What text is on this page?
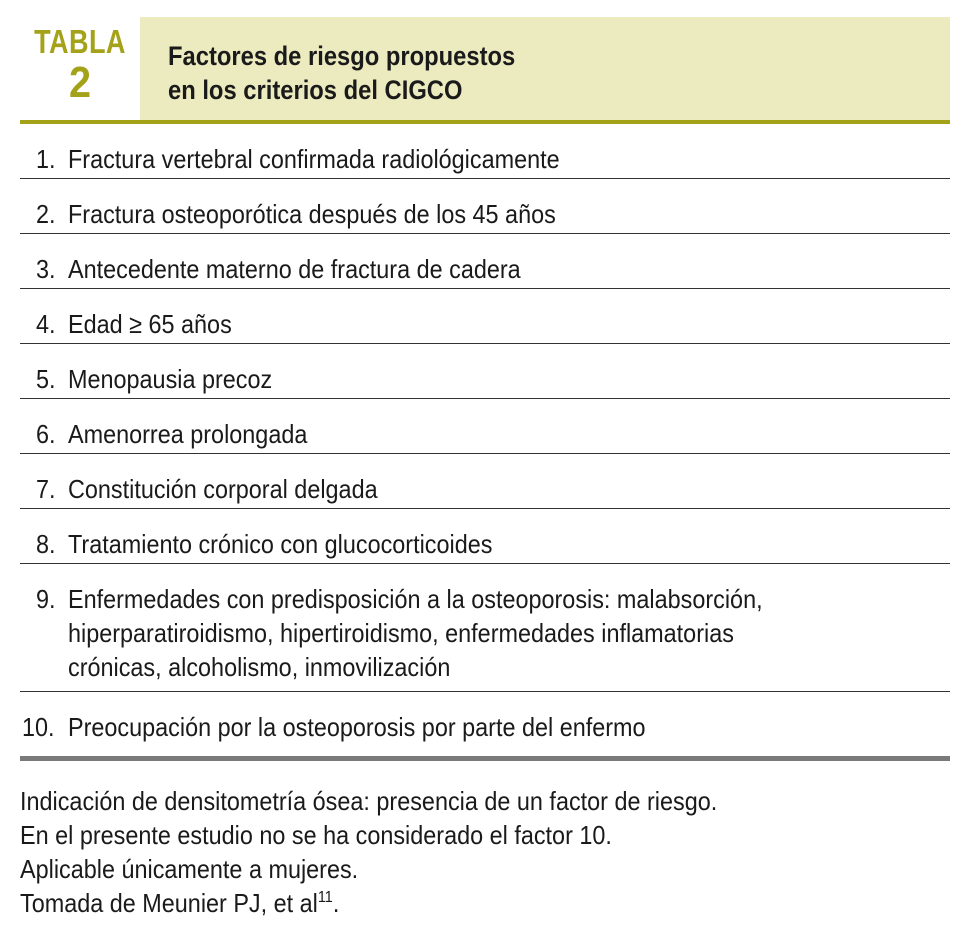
TABLA
2
Factores de riesgo propuestos
en los criterios del CIGCO
1. Fractura vertebral confirmada radiológicamente
2. Fractura osteoporótica después de los 45 años
3. Antecedente materno de fractura de cadera
4. Edad ≥ 65 años
5. Menopausia precoz
6. Amenorrea prolongada
7. Constitución corporal delgada
8. Tratamiento crónico con glucocorticoides
9. Enfermedades con predisposición a la osteoporosis: malabsorción,
hiperparatiroidismo, hipertiroidismo, enfermedades inflamatorias
crónicas, alcoholismo, inmovilización
10. Preocupación por la osteoporosis por parte del enfermo
Indicación de densitometría ósea: presencia de un factor de riesgo.
En el presente estudio no se ha considerado el factor 10.
Aplicable únicamente a mujeres.
Tomada de Meunier PJ, et $al^{11}$.
